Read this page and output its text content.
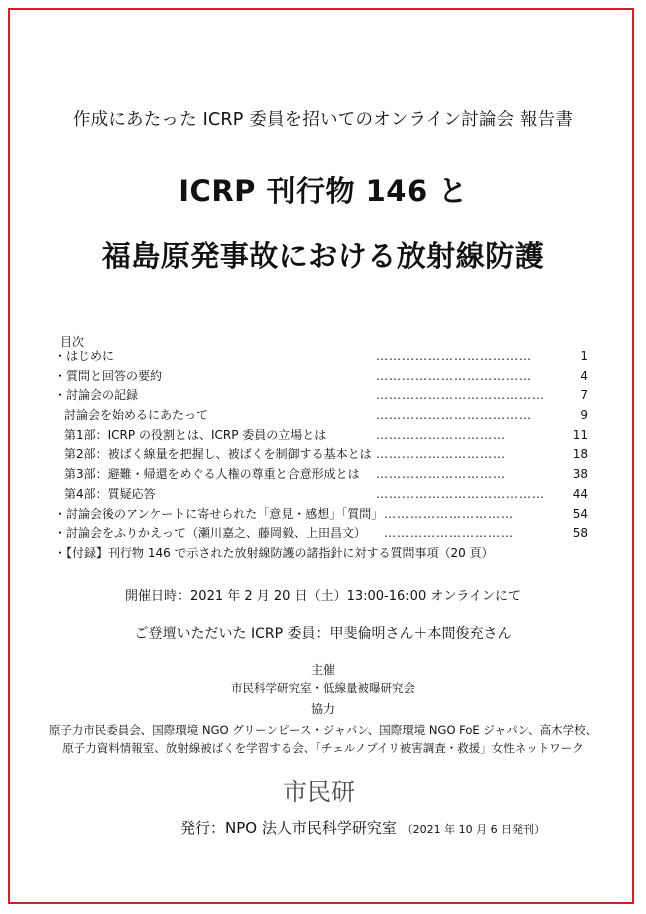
作成にあたった ICRP 委員を招いてのオンライン討論会 報告書
ICRP 刊行物 146 と
福島原発事故における放射線防護
目次
・はじめに	………………………………	1
・質問と回答の要約	………………………………	4
・討論会の記録	…………………………………	7
討論会を始めるにあたって	………………………………	9
第1部：ICRP の役割とは、ICRP 委員の立場とは	…………………………	11
第2部：被ばく線量を把握し、被ばくを制御する基本とは …………………………	18
第3部：避難・帰還をめぐる人権の尊重と合意形成とは …………………………	38
第4部：質疑応答	………………………………… 44
・討論会後のアンケートに寄せられた「意見・感想」「質問」 …………………………	54
・討論会をふりかえって（瀬川嘉之、藤岡毅、上田昌文） …………………………	58
・【付録】刊行物 146 で示された放射線防護の諸指針に対する質問事項（20 頁）
開催日時：2021 年 2 月 20 日（土）13:00-16:00 オンラインにて
ご登壇いただいた ICRP 委員：甲斐倫明さん＋本間俊充さん
主催
市民科学研究室・低線量被曝研究会
協力
原子力市民委員会、国際環境 NGO グリーンピース・ジャパン、国際環境 NGO FoE ジャパン、高木学校、
原子力資料情報室、放射線被ばくを学習する会、「チェルノブイリ被害調査・救援」女性ネットワーク
市民研
発行：NPO 法人市民科学研究室 （2021 年 10 月 6 日発刊）
